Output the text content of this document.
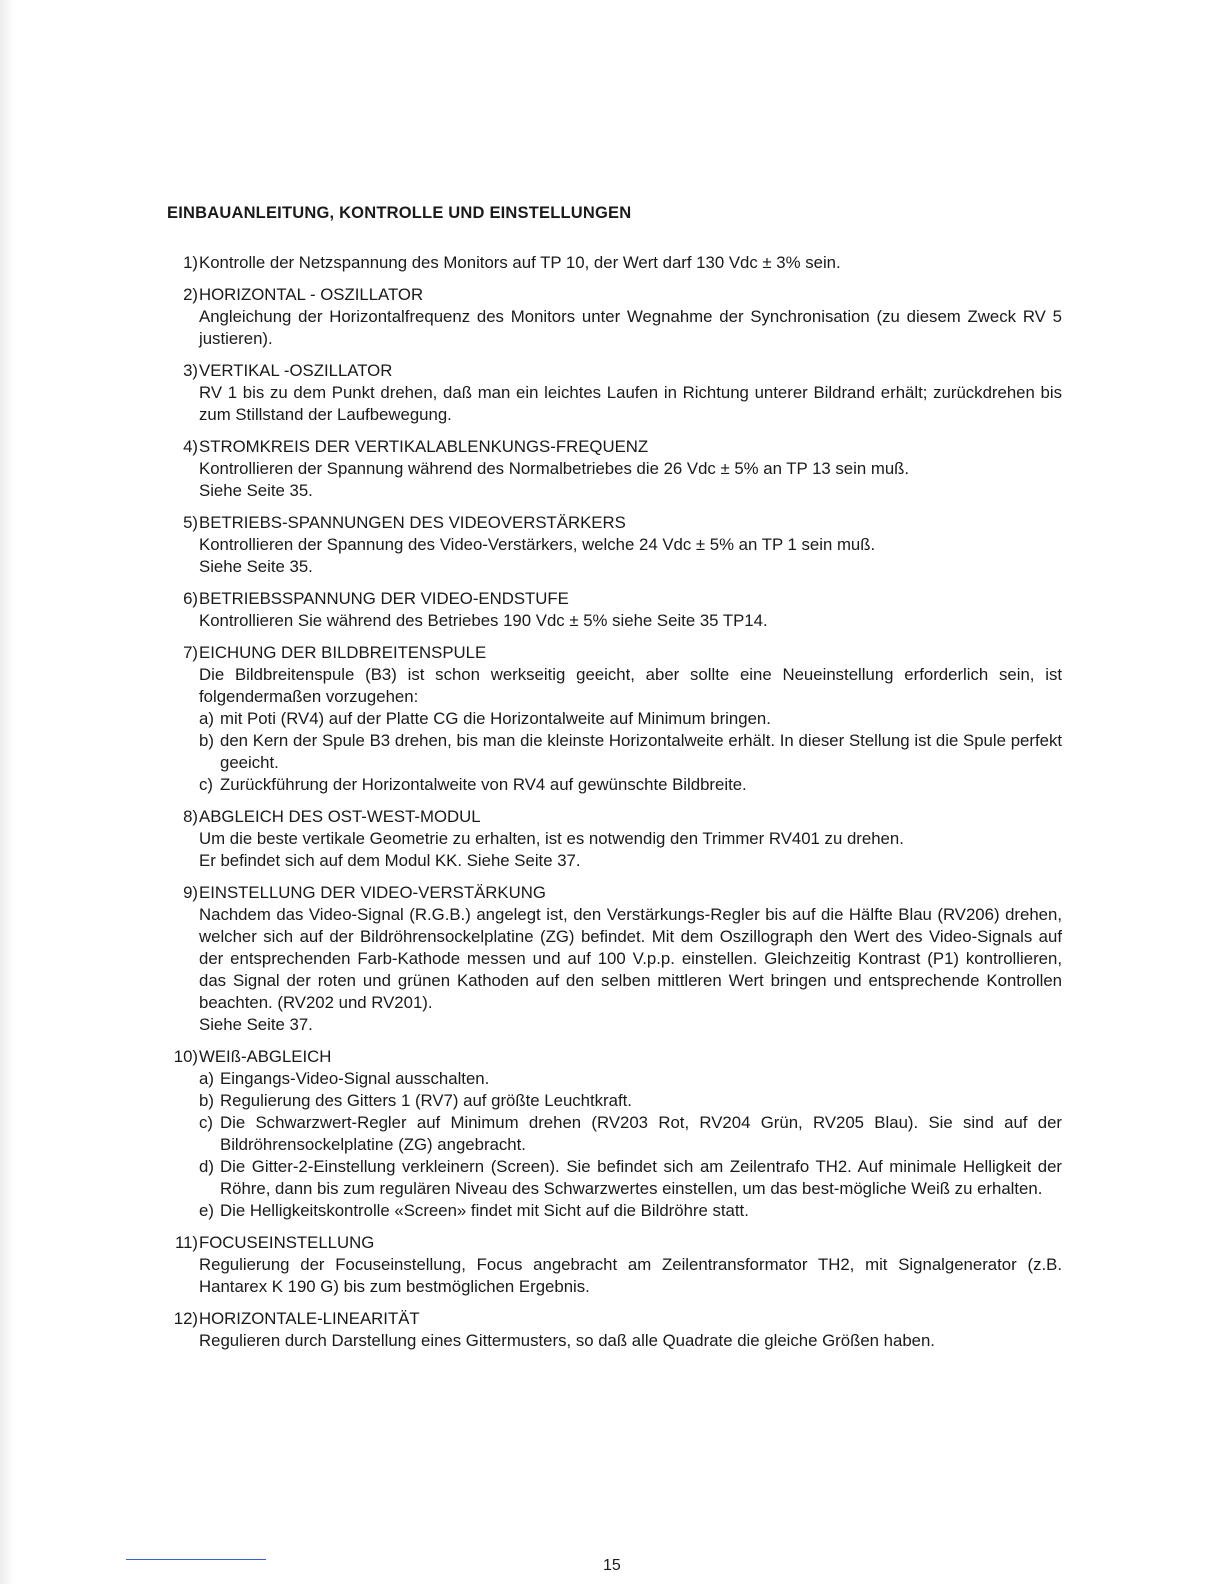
EINBAUANLEITUNG, KONTROLLE UND EINSTELLUNGEN
1) Kontrolle der Netzspannung des Monitors auf TP 10, der Wert darf 130 Vdc ± 3% sein.
2) HORIZONTAL - OSZILLATOR
Angleichung der Horizontalfrequenz des Monitors unter Wegnahme der Synchronisation (zu diesem Zweck RV 5 justieren).
3) VERTIKAL -OSZILLATOR
RV 1 bis zu dem Punkt drehen, daß man ein leichtes Laufen in Richtung unterer Bildrand erhält; zurückdrehen bis zum Stillstand der Laufbewegung.
4) STROMKREIS DER VERTIKALABLENKUNGS-FREQUENZ
Kontrollieren der Spannung während des Normalbetriebes die 26 Vdc ± 5% an TP 13 sein muß.
Siehe Seite 35.
5) BETRIEBS-SPANNUNGEN DES VIDEOVERSTÄRKERS
Kontrollieren der Spannung des Video-Verstärkers, welche 24 Vdc ± 5% an TP 1 sein muß.
Siehe Seite 35.
6) BETRIEBSSPANNUNG DER VIDEO-ENDSTUFE
Kontrollieren Sie während des Betriebes 190 Vdc ± 5% siehe Seite 35 TP14.
7) EICHUNG DER BILDBREITENSPULE
Die Bildbreitenspule (B3) ist schon werkseitig geeicht, aber sollte eine Neueinstellung erforderlich sein, ist folgendermaßen vorzugehen:
a) mit Poti (RV4) auf der Platte CG die Horizontalweite auf Minimum bringen.
b) den Kern der Spule B3 drehen, bis man die kleinste Horizontalweite erhält. In dieser Stellung ist die Spule perfekt geeicht.
c) Zurückführung der Horizontalweite von RV4 auf gewünschte Bildbreite.
8) ABGLEICH DES OST-WEST-MODUL
Um die beste vertikale Geometrie zu erhalten, ist es notwendig den Trimmer RV401 zu drehen.
Er befindet sich auf dem Modul KK. Siehe Seite 37.
9) EINSTELLUNG DER VIDEO-VERSTÄRKUNG
Nachdem das Video-Signal (R.G.B.) angelegt ist, den Verstärkungs-Regler bis auf die Hälfte Blau (RV206) drehen, welcher sich auf der Bildröhrensockelplatine (ZG) befindet. Mit dem Oszillograph den Wert des Video-Signals auf der entsprechenden Farb-Kathode messen und auf 100 V.p.p. einstellen. Gleichzeitig Kontrast (P1) kontrollieren, das Signal der roten und grünen Kathoden auf den selben mittleren Wert bringen und entsprechende Kontrollen beachten. (RV202 und RV201).
Siehe Seite 37.
10) WEIß-ABGLEICH
a) Eingangs-Video-Signal ausschalten.
b) Regulierung des Gitters 1 (RV7) auf größte Leuchtkraft.
c) Die Schwarzwert-Regler auf Minimum drehen (RV203 Rot, RV204 Grün, RV205 Blau). Sie sind auf der Bildröhrensockelplatine (ZG) angebracht.
d) Die Gitter-2-Einstellung verkleinern (Screen). Sie befindet sich am Zeilentrafo TH2. Auf minimale Helligkeit der Röhre, dann bis zum regulären Niveau des Schwarzwertes einstellen, um das best-mögliche Weiß zu erhalten.
e) Die Helligkeitskontrolle «Screen» findet mit Sicht auf die Bildröhre statt.
11) FOCUSEINSTELLUNG
Regulierung der Focuseinstellung, Focus angebracht am Zeilentransformator TH2, mit Signalgenerator (z.B. Hantarex K 190 G) bis zum bestmöglichen Ergebnis.
12) HORIZONTALE-LINEARITÄT
Regulieren durch Darstellung eines Gittermusters, so daß alle Quadrate die gleiche Größen haben.
15
